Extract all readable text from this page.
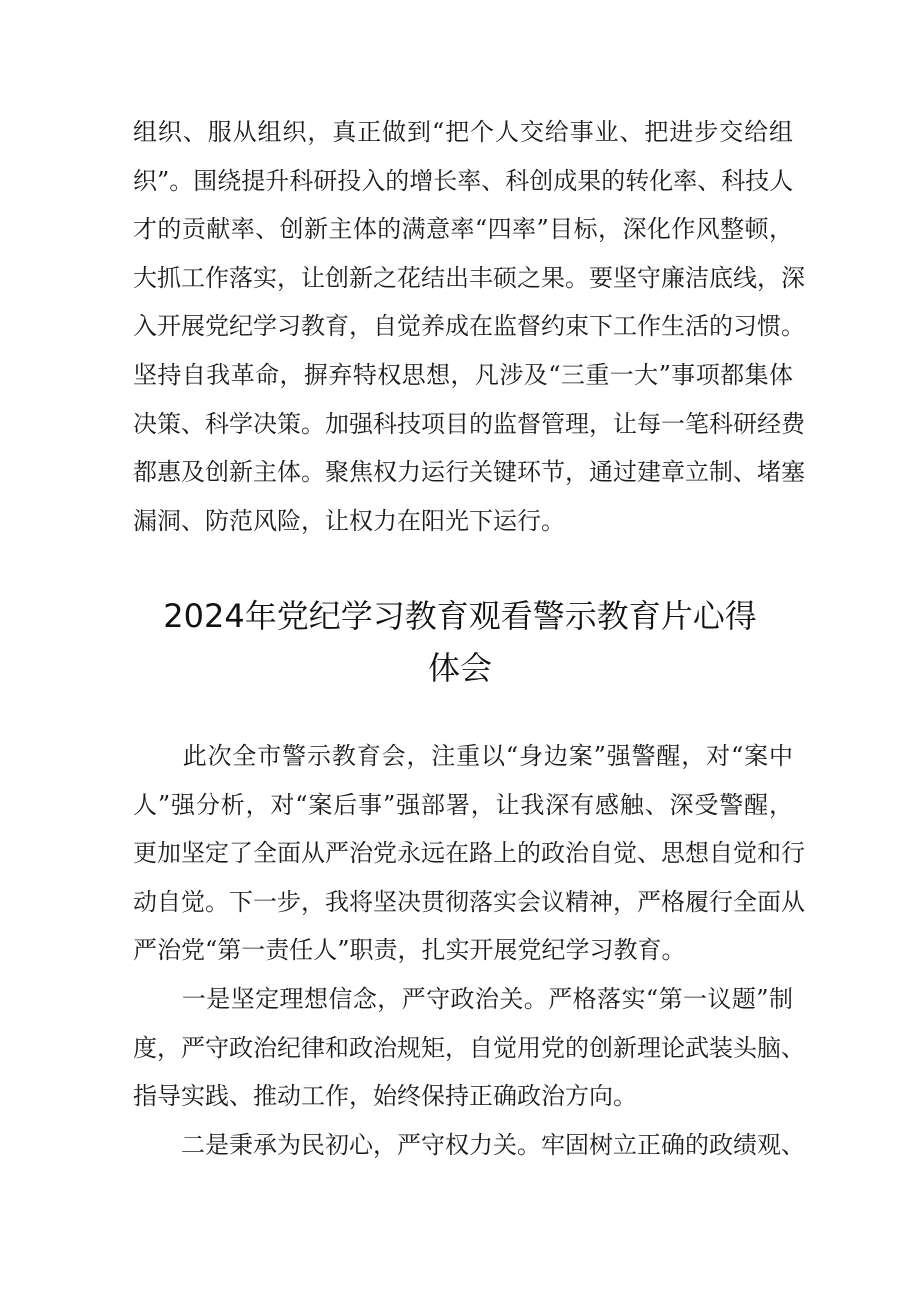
组织、服从组织，真正做到“把个人交给事业、把进步交给组
织”。围绕提升科研投入的增长率、科创成果的转化率、科技人
才的贡献率、创新主体的满意率“四率”目标，深化作风整顿，
大抓工作落实，让创新之花结出丰硕之果。要坚守廉洁底线，深
入开展党纪学习教育，自觉养成在监督约束下工作生活的习惯。
坚持自我革命，摒弃特权思想，凡涉及“三重一大”事项都集体
决策、科学决策。加强科技项目的监督管理，让每一笔科研经费
都惠及创新主体。聚焦权力运行关键环节，通过建章立制、堵塞
漏洞、防范风险，让权力在阳光下运行。
2024年党纪学习教育观看警示教育片心得
体会
　　此次全市警示教育会，注重以“身边案”强警醒，对“案中
人”强分析，对“案后事”强部署，让我深有感触、深受警醒，
更加坚定了全面从严治党永远在路上的政治自觉、思想自觉和行
动自觉。下一步，我将坚决贯彻落实会议精神，严格履行全面从
严治党“第一责任人”职责，扎实开展党纪学习教育。
　　一是坚定理想信念，严守政治关。严格落实“第一议题”制
度，严守政治纪律和政治规矩，自觉用党的创新理论武装头脑、
指导实践、推动工作，始终保持正确政治方向。
　　二是秉承为民初心，严守权力关。牢固树立正确的政绩观、
